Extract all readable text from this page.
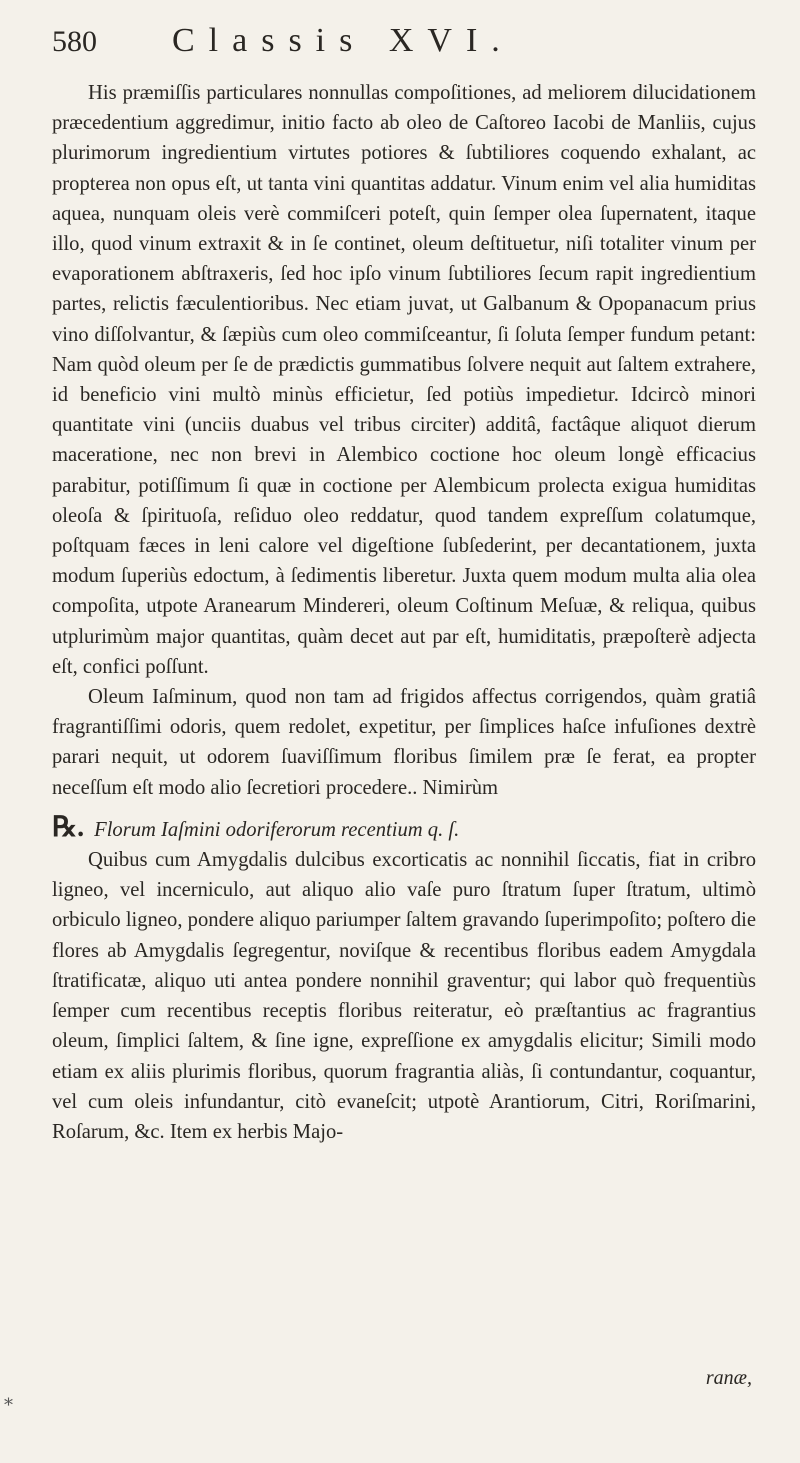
580	Classis XVI.

His præmiſſis particulares nonnullas compoſitiones, ad meliorem dilucidationem præcedentium aggredimur, initio facto ab oleo de Caſtoreo Iacobi de Manliis, cujus plurimorum ingredientium virtutes potiores & ſubtiliores coquendo exhalant, ac propterea non opus eſt, ut tanta vini quantitas addatur. Vinum enim vel alia humiditas aquea, nunquam oleis verè commiſceri poteſt, quin ſemper olea ſupernatent, itaque illo, quod vinum extraxit & in ſe continet, oleum deſtituetur, niſi totaliter vinum per evaporationem abſtraxeris, ſed hoc ipſo vinum ſubtiliores ſecum rapit ingredientium partes, relictis fæculentioribus. Nec etiam juvat, ut Galbanum & Opopanacum prius vino diſſolvantur, & ſæpiùs cum oleo commiſceantur, ſi ſoluta ſemper fundum petant: Nam quòd oleum per ſe de prædictis gummatibus ſolvere nequit aut ſaltem extrahere, id beneficio vini multò minùs efficietur, ſed potiùs impedietur. Idcircò minori quantitate vini (unciis duabus vel tribus circiter) additâ, factâque aliquot dierum maceratione, nec non brevi in Alembico coctione hoc oleum longè efficacius parabitur, potiſſimum ſi quæ in coctione per Alembicum prolecta exigua humiditas oleoſa & ſpirituoſa, reſiduo oleo reddatur, quod tandem expreſſum colatumque, poſtquam fæces in leni calore vel digeſtione ſubſederint, per decantationem, juxta modum ſuperiùs edoctum, à ſedimentis liberetur. Juxta quem modum multa alia olea compoſita, utpote Aranearum Mindereri, oleum Coſtinum Meſuæ, & reliqua, quibus utplurimùm major quantitas, quàm decet aut par eſt, humiditatis, præpoſterè adjecta eſt, confici poſſunt.

Oleum Iaſminum, quod non tam ad frigidos affectus corrigendos, quàm gratiâ fragrantiſſimi odoris, quem redolet, expetitur, per ſimplices haſce infuſiones dextrè parari nequit, ut odorem ſuaviſſimum floribus ſimilem præ ſe ferat, ea propter neceſſum eſt modo alio ſecretiori procedere.. Nimirùm

℞. Florum Iaſmini odoriferorum recentium q. ſ.

Quibus cum Amygdalis dulcibus excorticatis ac nonnihil ſiccatis, fiat in cribro ligneo, vel incerniculo, aut aliquo alio vaſe puro ſtratum ſuper ſtratum, ultimò orbiculo ligneo, pondere aliquo pariumper ſaltem gravando ſuperimpoſito; poſtero die flores ab Amygdalis ſegregentur, noviſque & recentibus floribus eadem Amygdala ſtratificatæ, aliquo uti antea pondere nonnihil graventur; qui labor quò frequentiùs ſemper cum recentibus receptis floribus reiteratur, eò præſtantius ac fragrantius oleum, ſimplici ſaltem, & ſine igne, expreſſione ex amygdalis elicitur; Simili modo etiam ex aliis plurimis floribus, quorum fragrantia aliàs, ſi contundantur, coquantur, vel cum oleis infundantur, citò evaneſcit; utpotè Arantiorum, Citri, Roriſmarini, Roſarum, &c. Item ex herbis Majo-

ranæ,
*
